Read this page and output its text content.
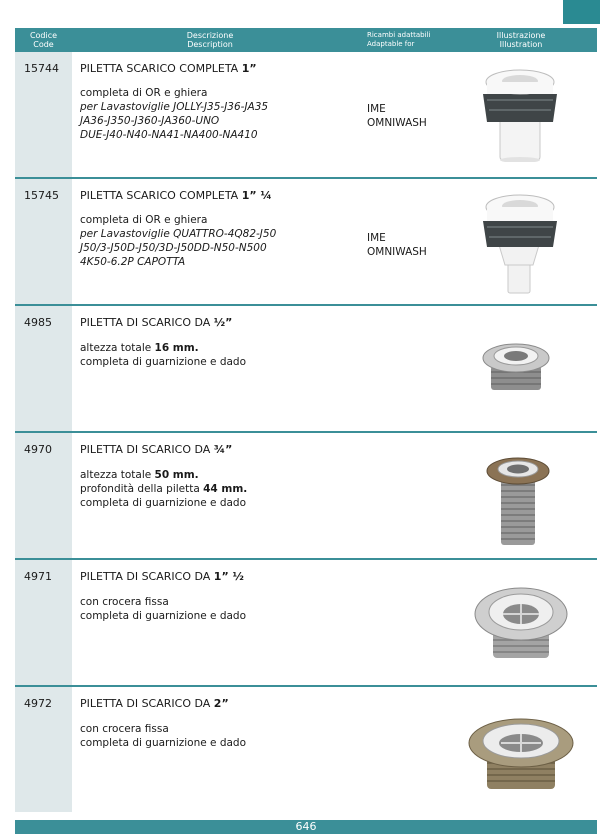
Codice
Code
Descrizione
Description
Ricambi adattabili
Adaptable for
Illustrazione
Illustration
15744 PILETTA SCARICO COMPLETA 1”
completa di OR e ghiera
per Lavastoviglie JOLLY-J35-J36-JA35
JA36-J350-J360-JA360-UNO
DUE-J40-N40-NA41-NA400-NA410
IME
OMNIWASH
15745 PILETTA SCARICO COMPLETA 1” ¼
completa di OR e ghiera
per Lavastoviglie QUATTRO-4Q82-J50
J50/3-J50D-J50/3D-J50DD-N50-N500
4K50-6.2P CAPOTTA
IME
OMNIWASH
4985	PILETTA DI SCARICO DA ½”
altezza totale 16 mm.
completa di guarnizione e dado
4970	PILETTA DI SCARICO DA ¾”
altezza totale 50 mm.
profondità della piletta 44 mm.
completa di guarnizione e dado
4971	PILETTA DI SCARICO DA 1” ½
con crocera fissa
completa di guarnizione e dado
4972	PILETTA DI SCARICO DA 2”
con crocera fissa
completa di guarnizione e dado
646
